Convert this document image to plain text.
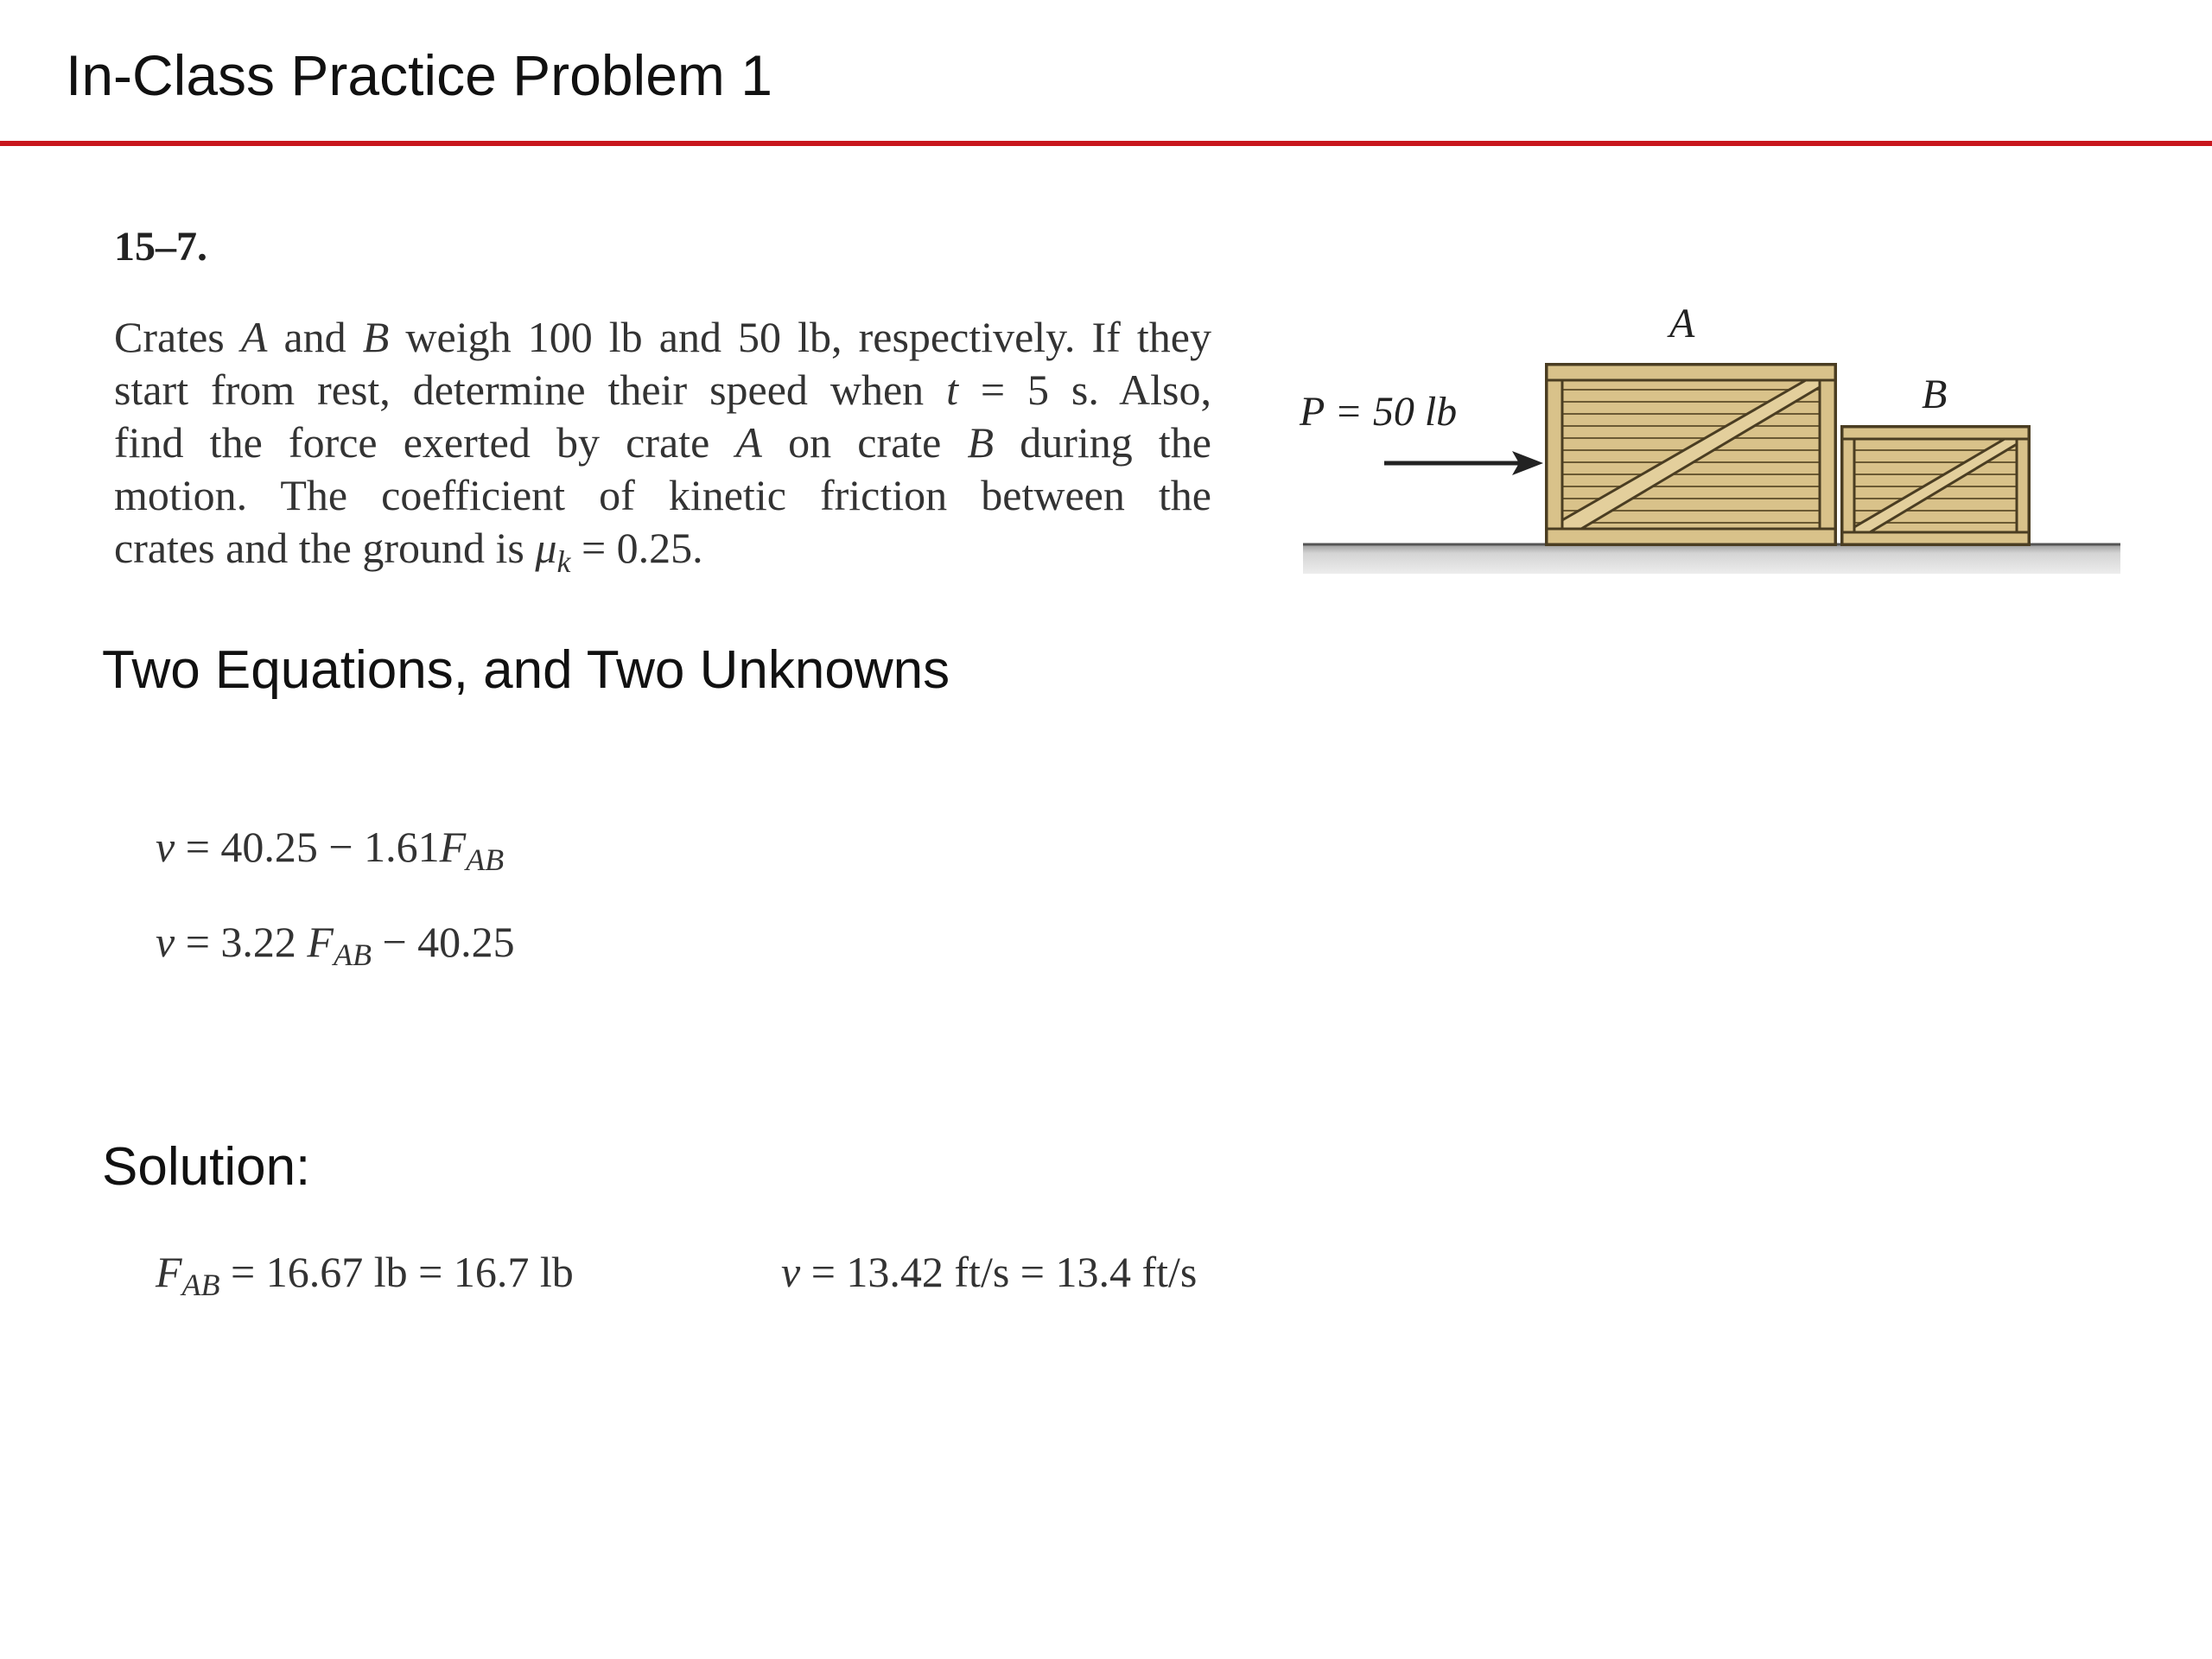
In-Class Practice Problem 1
15–7.
Crates A and B weigh 100 lb and 50 lb, respectively. If they
start from rest, determine their speed when t = 5 s. Also,
find the force exerted by crate A on crate B during the
motion. The coefficient of kinetic friction between the
crates and the ground is $\mu_k = 0.25$.
P = 50 lb
A
B
Two Equations, and Two Unknowns
$v = 40.25 - 1.61F_{AB}$
v = 3.22 $F_{AB} - 40.25$
Solution:
$F_{AB} = 16.67$ lb = 16.7 lb	v = 13.42 ft/s = 13.4 ft/s
